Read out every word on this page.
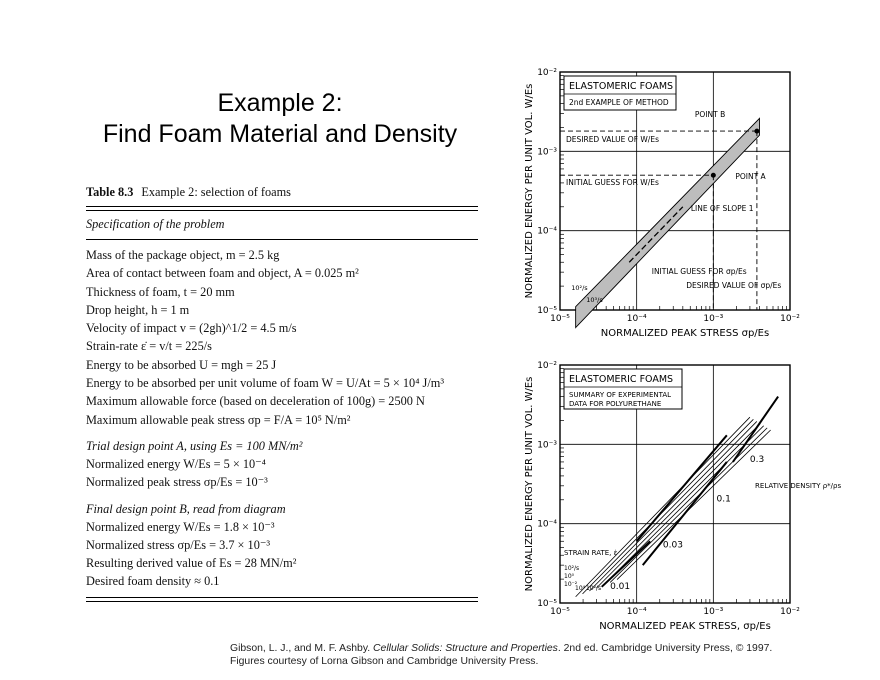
Example 2:
Find Foam Material and Density
Table 8.3 Example 2: selection of foams
Specification of the problem
Mass of the package object, m = 2.5 kg
Area of contact between foam and object, A = 0.025 m²
Thickness of foam, t = 20 mm
Drop height, h = 1 m
Velocity of impact v = (2gh)^1/2 = 4.5 m/s
Strain-rate ε̇ = v/t = 225/s
Energy to be absorbed U = mgh = 25 J
Energy to be absorbed per unit volume of foam W = U/At = 5 × 10⁴ J/m³
Maximum allowable force (based on deceleration of 100g) = 2500 N
Maximum allowable peak stress σp = F/A = 10⁵ N/m²
Trial design point A, using Es = 100 MN/m²
Normalized energy W/Es = 5 × 10⁻⁴
Normalized peak stress σp/Es = 10⁻³
Final design point B, read from diagram
Normalized energy W/Es = 1.8 × 10⁻³
Normalized stress σp/Es = 3.7 × 10⁻³
Resulting derived value of Es = 28 MN/m²
Desired foam density ≈ 0.1
10⁻⁵	10⁻⁴	10⁻³	10⁻²
10⁻⁵
10⁻⁴
10⁻³
10⁻²
NORMALIZED PEAK STRESS σp/Es
NORMALIZED ENERGY PER UNIT VOL. W/Es	ELASTOMERIC FOAMS
2nd EXAMPLE OF METHOD
POINT B
DESIRED VALUE OF W/Es
INITIAL GUESS FOR W/Es
POINT A
LINE OF SLOPE 1
INITIAL GUESS FOR σp/Es
DESIRED VALUE OF σp/Es
10²/s
10³/s
10⁻⁵	10⁻⁴	10⁻³	10⁻²
10⁻⁵
10⁻⁴
10⁻³
10⁻²
NORMALIZED PEAK STRESS, σp/Es
NORMALIZED ENERGY PER UNIT VOL. W/Es	ELASTOMERIC FOAMS
SUMMARY OF EXPERIMENTAL
DATA FOR POLYURETHANE
0.3
0.1
0.03
0.01
RELATIVE DENSITY ρ*/ρs
STRAIN RATE, ε̇
10²/s
10⁰
10⁻²
10⁴ 10²/s
Gibson, L. J., and M. F. Ashby. Cellular Solids: Structure and Properties. 2nd ed. Cambridge University Press, © 1997. Figures courtesy of Lorna Gibson and Cambridge University Press.
